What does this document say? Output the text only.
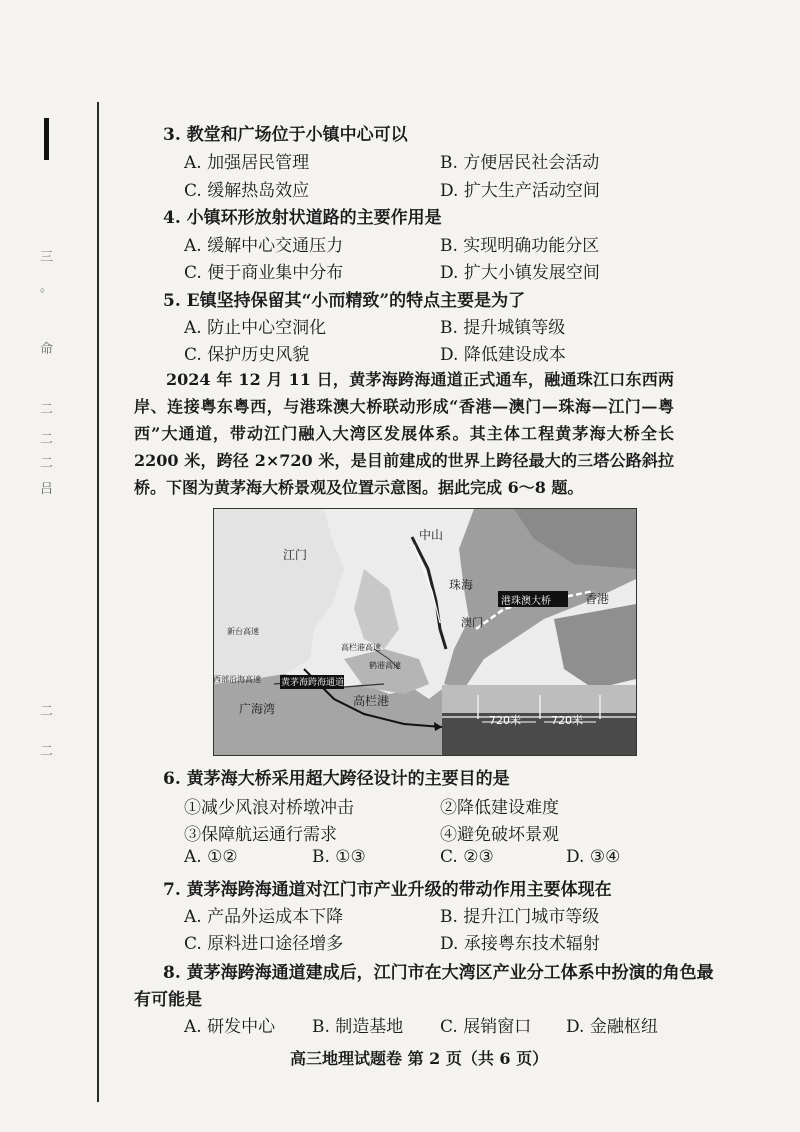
三
。
命
二
二
二
吕
二
二
3. 教堂和广场位于小镇中心可以
A. 加强居民管理	B. 方便居民社会活动
C. 缓解热岛效应	D. 扩大生产活动空间
4. 小镇环形放射状道路的主要作用是
A. 缓解中心交通压力	B. 实现明确功能分区
C. 便于商业集中分布	D. 扩大小镇发展空间
5. E镇坚持保留其“小而精致”的特点主要是为了
A. 防止中心空洞化	B. 提升城镇等级
C. 保护历史风貌	D. 降低建设成本
2024 年 12 月 11 日，黄茅海跨海通道正式通车，融通珠江口东西两岸、连接粤东粤西，与港珠澳大桥联动形成“香港—澳门—珠海—江门—粤西”大通道，带动江门融入大湾区发展体系。其主体工程黄茅海大桥全长 2200 米，跨径 2×720 米，是目前建成的世界上跨径最大的三塔公路斜拉桥。下图为黄茅海大桥景观及位置示意图。据此完成 6～8 题。
中山
江门
珠海
澳门
香港
港珠澳大桥
新台高速
高栏港高速
鹤港高速
西部沿海高速 黄茅海跨海通道
高栏港
广海湾
720米	720米
6. 黄茅海大桥采用超大跨径设计的主要目的是
①减少风浪对桥墩冲击	②降低建设难度
③保障航运通行需求	④避免破坏景观
A. ①②	B. ①③	C. ②③	D. ③④
7. 黄茅海跨海通道对江门市产业升级的带动作用主要体现在
A. 产品外运成本下降	B. 提升江门城市等级
C. 原料进口途径增多	D. 承接粤东技术辐射
8. 黄茅海跨海通道建成后，江门市在大湾区产业分工体系中扮演的角色最
有可能是
A. 研发中心 B. 制造基地 C. 展销窗口 D. 金融枢纽
高三地理试题卷 第 2 页（共 6 页）
